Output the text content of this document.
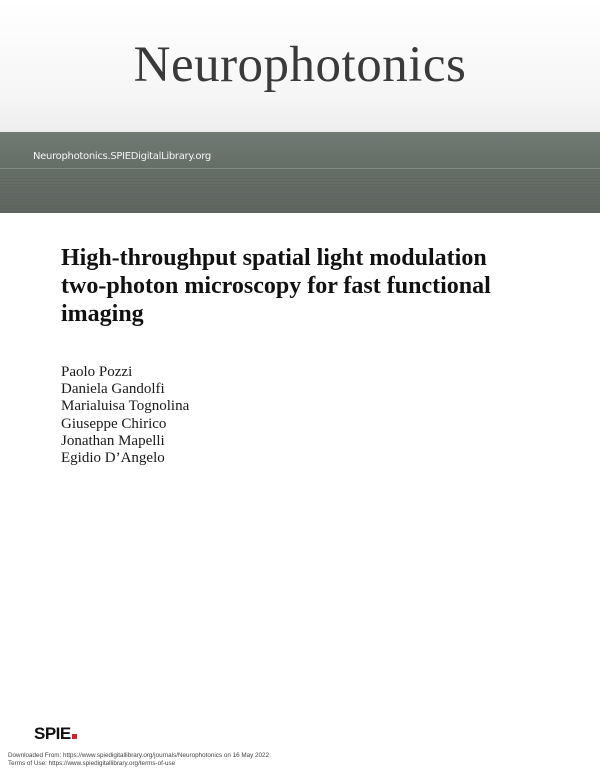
Neurophotonics
Neurophotonics.SPIEDigitalLibrary.org
High-throughput spatial light modulation two-photon microscopy for fast functional imaging
Paolo Pozzi
Daniela Gandolfi
Marialuisa Tognolina
Giuseppe Chirico
Jonathan Mapelli
Egidio D’Angelo
SPIE
Downloaded From: https://www.spiedigitallibrary.org/journals/Neurophotonics on 16 May 2022
Terms of Use: https://www.spiedigitallibrary.org/terms-of-use
